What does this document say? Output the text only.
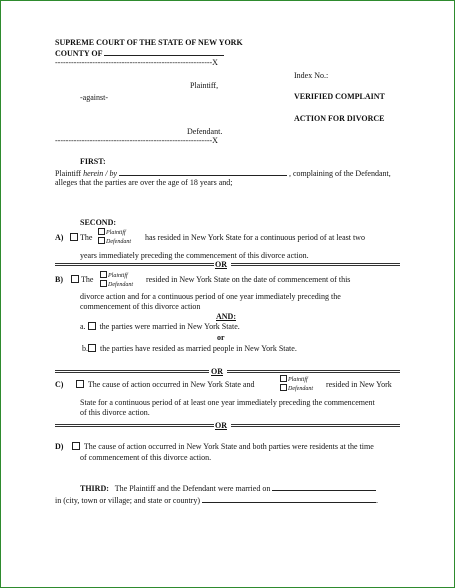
SUPREME COURT OF THE STATE OF NEW YORK
COUNTY OF
-----------------------------------------------------------X
Index No.:
Plaintiff,
-against-	VERIFIED COMPLAINT
ACTION FOR DIVORCE
Defendant.
-----------------------------------------------------------X
FIRST:
Plaintiff herein / by	, complaining of the Defendant,
alleges that the parties are over the age of 18 years and;
SECOND:
A)	The	Plaintiff
Defendant has resided in New York State for a continuous period of at least two
years immediately preceding the commencement of this divorce action.
OR
B)	The	Plaintiff
Defendant
resided in New York State on the date of commencement of this
divorce action and for a continuous period of one year immediately preceding the
commencement of this divorce action
AND:
a. the parties were married in New York State.
or
b. the parties have resided as married people in New York State.
OR
C)	The cause of action occurred in New York State and	Plaintiff
Defendant resided in New York
State for a continuous period of at least one year immediately preceding the commencement
of this divorce action.
OR
D)	The cause of action occurred in New York State and both parties were residents at the time
of commencement of this divorce action.
THIRD: The Plaintiff and the Defendant were married on
in (city, town or village; and state or country)	.
